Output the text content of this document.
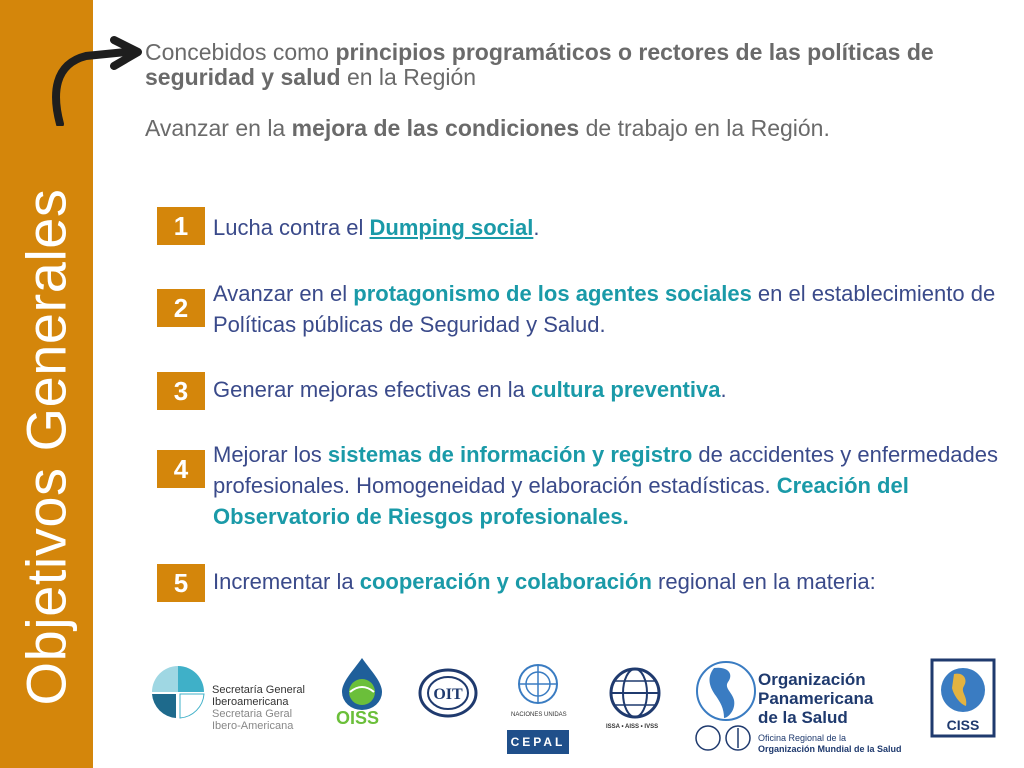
Objetivos Generales

Concebidos como principios programáticos o rectores de las políticas de seguridad y salud en la Región

Avanzar en la mejora de las condiciones de trabajo en la Región.

1	Lucha contra el Dumping social.
2	Avanzar en el protagonismo de los agentes sociales en el establecimiento de Políticas públicas de Seguridad y Salud.
3	Generar mejoras efectivas en la cultura preventiva.
4	Mejorar los sistemas de información y registro de accidentes y enfermedades profesionales. Homogeneidad y elaboración estadísticas. Creación del Observatorio de Riesgos profesionales.
5	Incrementar la cooperación y colaboración regional en la materia:
Secretaría General
Iberoamericana
Secretaria Geral
Ibero-Americana	OISS
OIT
NACIONES UNIDAS
CEPAL
ISSA • AISS • IVSS
Organización
Panamericana
de la Salud
Oficina Regional de la
Organización Mundial de la Salud
CISS
